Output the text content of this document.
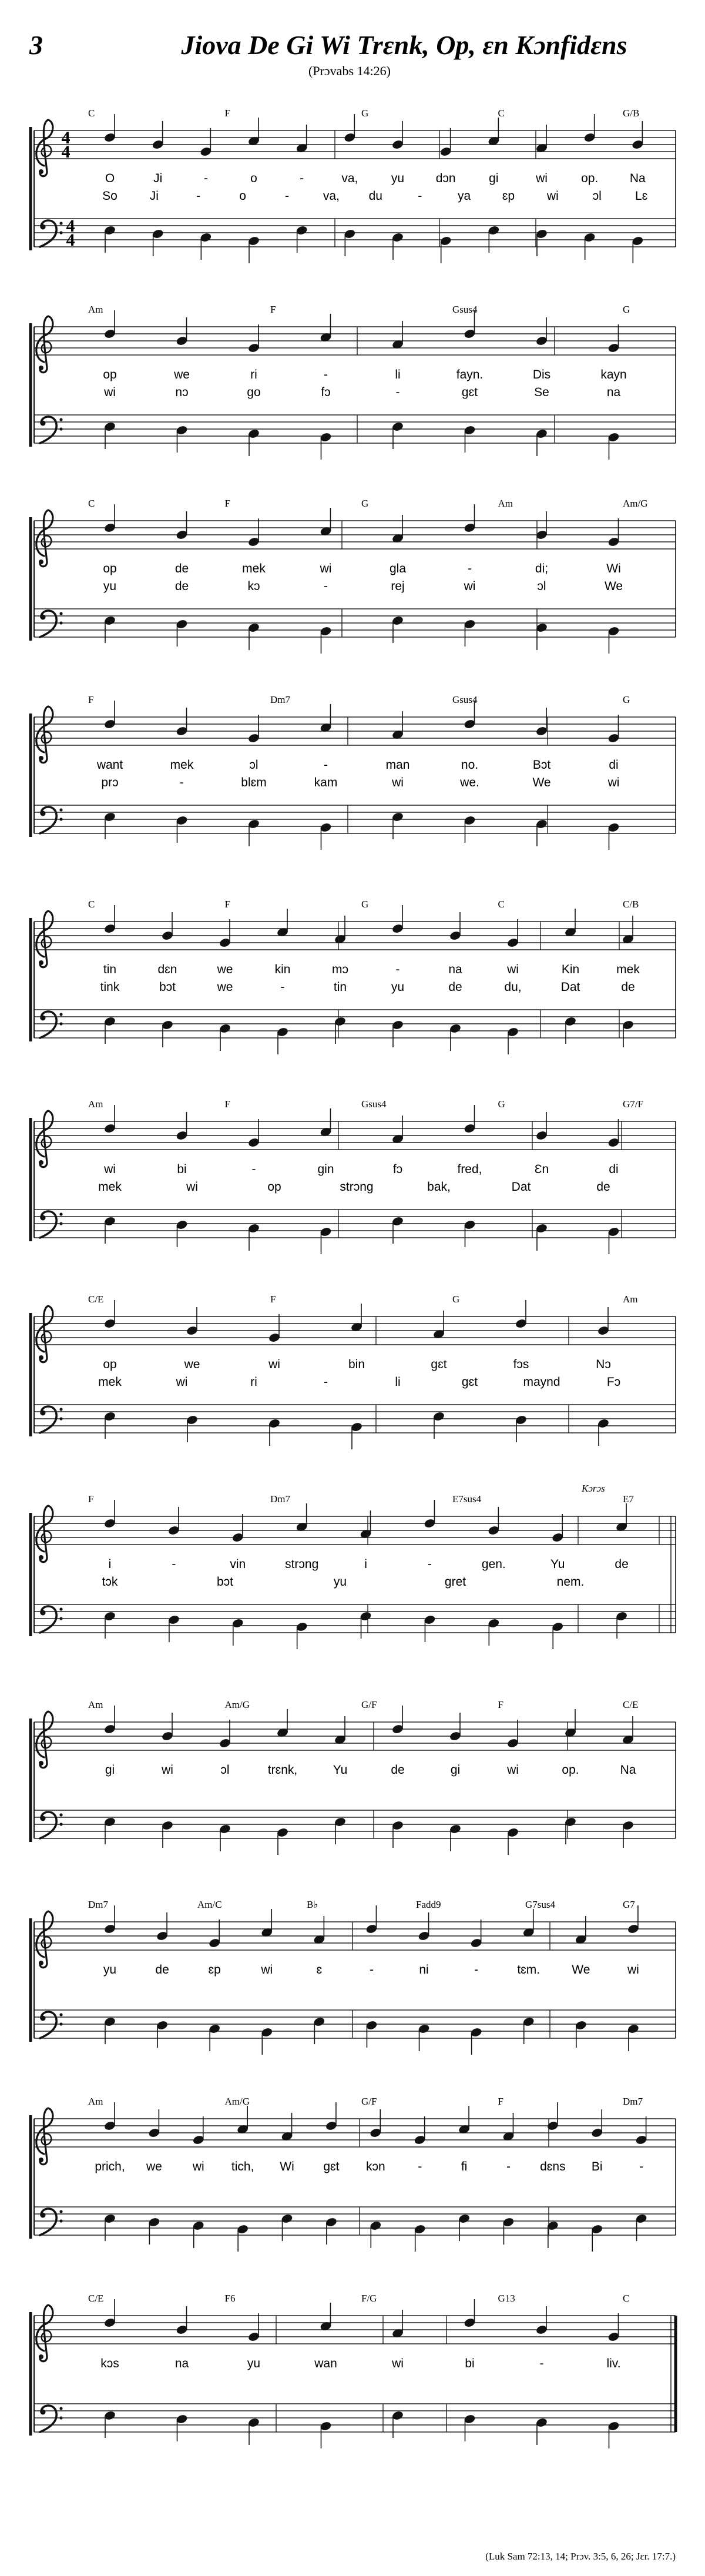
3	Jiova De Gi Wi Trɛnk, Op, ɛn Kɔnfidɛns
(Prɔvabs 14:26)
C	F	G	C	G/B
4
4
4
4
O	Ji	-	o	-	va,	yu	dɔn	gi	wi	op.	Na
So	Ji	-	o	-	va, du	-	ya	ɛp	wi	ɔl	Lɛ
Am	F	Gsus4	G
op	we	ri	-	li	fayn.	Dis	kayn
wi	nɔ	go	fɔ	-	gɛt	Se	na
C	F	G	Am	Am/G
op	de	mek	wi	gla	-	di;	Wi
yu	de	kɔ	-	rej	wi	ɔl	We
F	Dm7	Gsus4	G
want	mek	ɔl	-	man	no.	Bɔt	di
prɔ	-	blɛm	kam	wi	we.	We	wi
C	F	G	C	C/B
tin	dɛn	we	kin	mɔ	-	na	wi	Kin	mek
tink	bɔt	we	-	tin	yu	de	du,	Dat	de
Am	F	Gsus4	G	G7/F
wi	bi	-	gin	fɔ	fred,	Ɛn	di
mek	wi	op	strɔng	bak,	Dat	de
C/E	F	G	Am
op	we	wi	bin	gɛt	fɔs	Nɔ
mek	wi	ri	-	li	gɛt	maynd	Fɔ
F	Dm7	E7sus4	E7
Kɔrɔs
i	-	vin	strɔng	i	-	gen.	Yu	de
tɔk	bɔt	yu	gret	nem.
Am	Am/G	G/F	F	C/E
gi	wi	ɔl	trɛnk,	Yu	de	gi	wi	op.	Na
Dm7	Am/C	B♭	Fadd9	G7sus4	G7
yu	de	ɛp	wi	ɛ	-	ni	-	tɛm.	We	wi
Am	Am/G	G/F	F	Dm7
prich, we wi tich, Wi gɛt kɔn	-	fi	- dɛns Bi	-
C/E	F6	F/G	G13	C
kɔs	na	yu	wan	wi	bi	-	liv.
(Luk Sam 72:13, 14; Prɔv. 3:5, 6, 26; Jɛr. 17:7.)
